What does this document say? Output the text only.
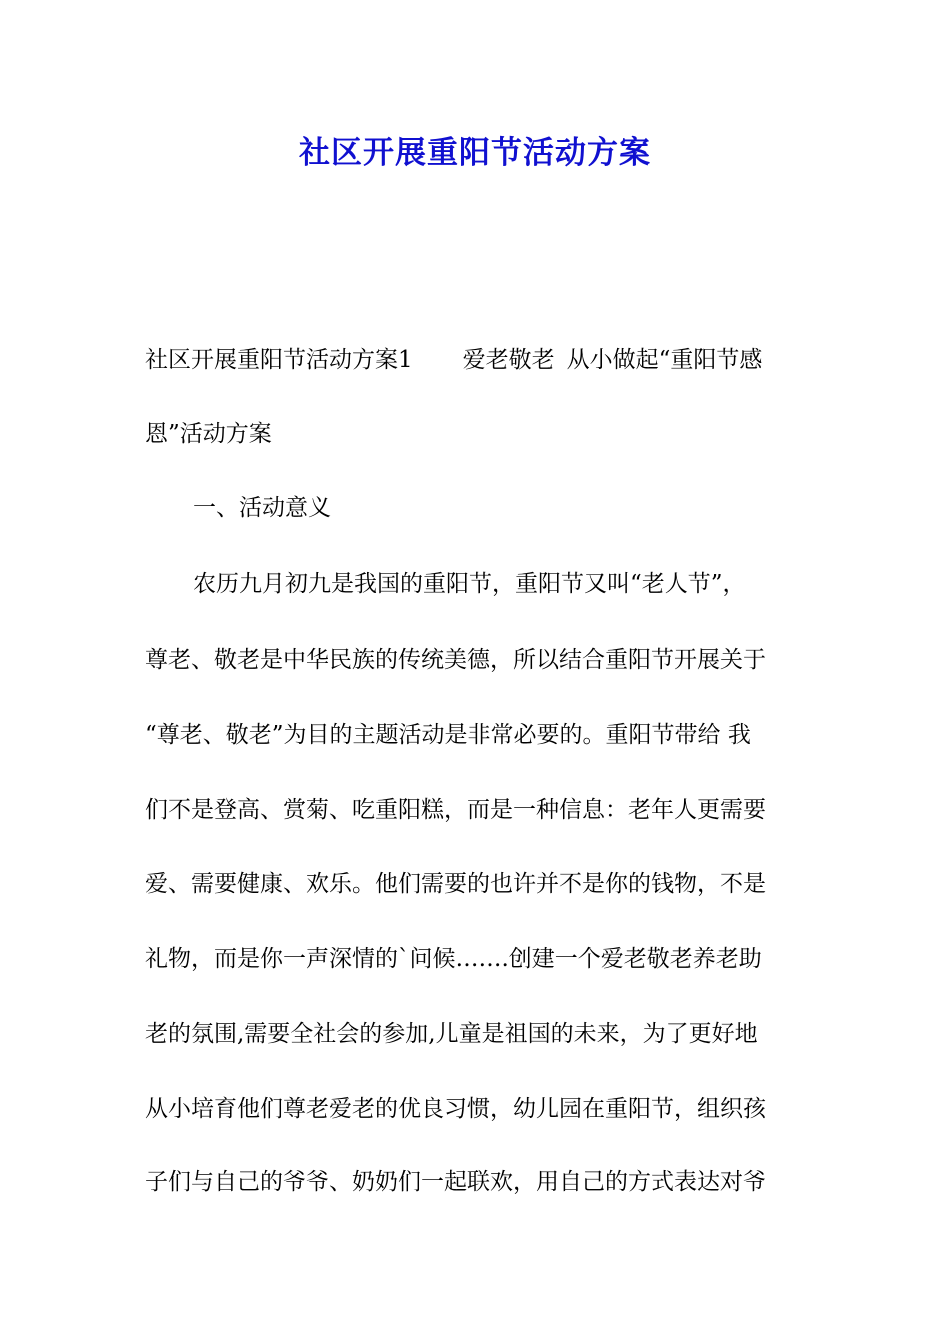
社区开展重阳节活动方案
社区开展重阳节活动方案1 爱老敬老 从小做起“重阳节感
恩”活动方案
一、活动意义
农历九月初九是我国的重阳节，重阳节又叫“老人节”，
尊老、敬老是中华民族的传统美德，所以结合重阳节开展关于
“尊老、敬老”为目的主题活动是非常必要的。重阳节带给 我
们不是登高、赏菊、吃重阳糕，而是一种信息：老年人更需要
爱、需要健康、欢乐。他们需要的也许并不是你的钱物，不是
礼物，而是你一声深情的`问候…….创建一个爱老敬老养老助
老的氛围,需要全社会的参加,儿童是祖国的未来，为了更好地
从小培育他们尊老爱老的优良习惯，幼儿园在重阳节，组织孩
子们与自己的爷爷、奶奶们一起联欢，用自己的方式表达对爷
